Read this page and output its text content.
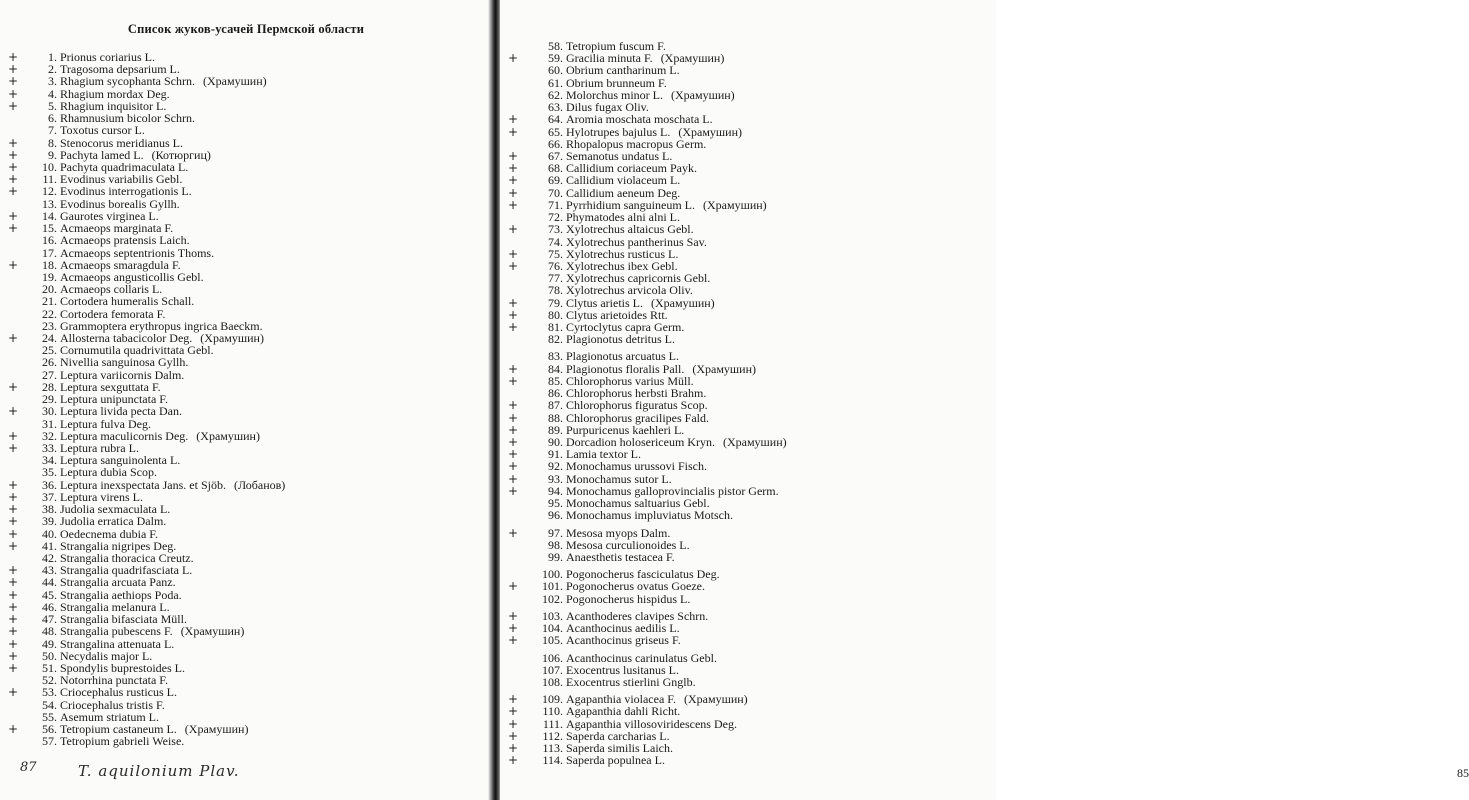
Список жуков-усачей Пермской области
+	1. Prionus coriarius L.
+	2. Tragosoma depsarium L.
+	3. Rhagium sycophanta Schrn. (Храмушин)
+	4. Rhagium mordax Deg.
+	5. Rhagium inquisitor L.
6. Rhamnusium bicolor Schrn.
7. Toxotus cursor L.
+	8. Stenocorus meridianus L.
+	9. Pachyta lamed L. (Котюргиц)
+	10. Pachyta quadrimaculata L.
+	11. Evodinus variabilis Gebl.
+	12. Evodinus interrogationis L.
13. Evodinus borealis Gyllh.
+	14. Gaurotes virginea L.
+	15. Acmaeops marginata F.
16. Acmaeops pratensis Laich.
17. Acmaeops septentrionis Thoms.
+	18. Acmaeops smaragdula F.
19. Acmaeops angusticollis Gebl.
20. Acmaeops collaris L.
21. Cortodera humeralis Schall.
22. Cortodera femorata F.
23. Grammoptera erythropus ingrica Baeckm.
+	24. Allosterna tabacicolor Deg. (Храмушин)
25. Cornumutila quadrivittata Gebl.
26. Nivellia sanguinosa Gyllh.
27. Leptura variicornis Dalm.
+	28. Leptura sexguttata F.
29. Leptura unipunctata F.
+	30. Leptura livida pecta Dan.
31. Leptura fulva Deg.
+	32. Leptura maculicornis Deg. (Храмушин)
+	33. Leptura rubra L.
34. Leptura sanguinolenta L.
35. Leptura dubia Scop.
+	36. Leptura inexspectata Jans. et Sjöb. (Лобанов)
+	37. Leptura virens L.
+	38. Judolia sexmaculata L.
+	39. Judolia erratica Dalm.
+	40. Oedecnema dubia F.
+	41. Strangalia nigripes Deg.
42. Strangalia thoracica Creutz.
+	43. Strangalia quadrifasciata L.
+	44. Strangalia arcuata Panz.
+	45. Strangalia aethiops Poda.
+	46. Strangalia melanura L.
+	47. Strangalia bifasciata Müll.
+	48. Strangalia pubescens F. (Храмушин)
+	49. Strangalina attenuata L.
+	50. Necydalis major L.
+	51. Spondylis buprestoides L.
52. Notorrhina punctata F.
+	53. Criocephalus rusticus L.
54. Criocephalus tristis F.
55. Asemum striatum L.
+	56. Tetropium castaneum L. (Храмушин)
57. Tetropium gabrieli Weise.
87	T. aquilonium Plav.	85
58. Tetropium fuscum F.
+	59. Gracilia minuta F. (Храмушин)
60. Obrium cantharinum L.
61. Obrium brunneum F.
62. Molorchus minor L. (Храмушин)
63. Dilus fugax Oliv.
+	64. Aromia moschata moschata L.
+	65. Hylotrupes bajulus L. (Храмушин)
66. Rhopalopus macropus Germ.
+	67. Semanotus undatus L.
+	68. Callidium coriaceum Payk.
+	69. Callidium violaceum L.
+	70. Callidium aeneum Deg.
+	71. Pyrrhidium sanguineum L. (Храмушин)
72. Phymatodes alni alni L.
+	73. Xylotrechus altaicus Gebl.
74. Xylotrechus pantherinus Sav.
+	75. Xylotrechus rusticus L.
+	76. Xylotrechus ibex Gebl.
77. Xylotrechus capricornis Gebl.
78. Xylotrechus arvicola Oliv.
+	79. Clytus arietis L. (Храмушин)
+	80. Clytus arietoides Rtt.
+	81. Cyrtoclytus capra Germ.
82. Plagionotus detritus L.
83. Plagionotus arcuatus L.
+	84. Plagionotus floralis Pall. (Храмушин)
+	85. Chlorophorus varius Müll.
86. Chlorophorus herbsti Brahm.
+	87. Chlorophorus figuratus Scop.
+	88. Chlorophorus gracilipes Fald.
+	89. Purpuricenus kaehleri L.
+	90. Dorcadion holosericeum Kryn. (Храмушин)
+	91. Lamia textor L.
+	92. Monochamus urussovi Fisch.
+	93. Monochamus sutor L.
+	94. Monochamus galloprovincialis pistor Germ.
95. Monochamus saltuarius Gebl.
96. Monochamus impluviatus Motsch.
+	97. Mesosa myops Dalm.
98. Mesosa curculionoides L.
99. Anaesthetis testacea F.
100. Pogonocherus fasciculatus Deg.
+	101. Pogonocherus ovatus Goeze.
102. Pogonocherus hispidus L.
+	103. Acanthoderes clavipes Schrn.
+	104. Acanthocinus aedilis L.
+	105. Acanthocinus griseus F.
106. Acanthocinus carinulatus Gebl.
107. Exocentrus lusitanus L.
108. Exocentrus stierlini Gnglb.
+	109. Agapanthia violacea F. (Храмушин)
+	110. Agapanthia dahli Richt.
+	111. Agapanthia villosoviridescens Deg.
+	112. Saperda carcharias L.
+	113. Saperda similis Laich.
+	114. Saperda populnea L.
